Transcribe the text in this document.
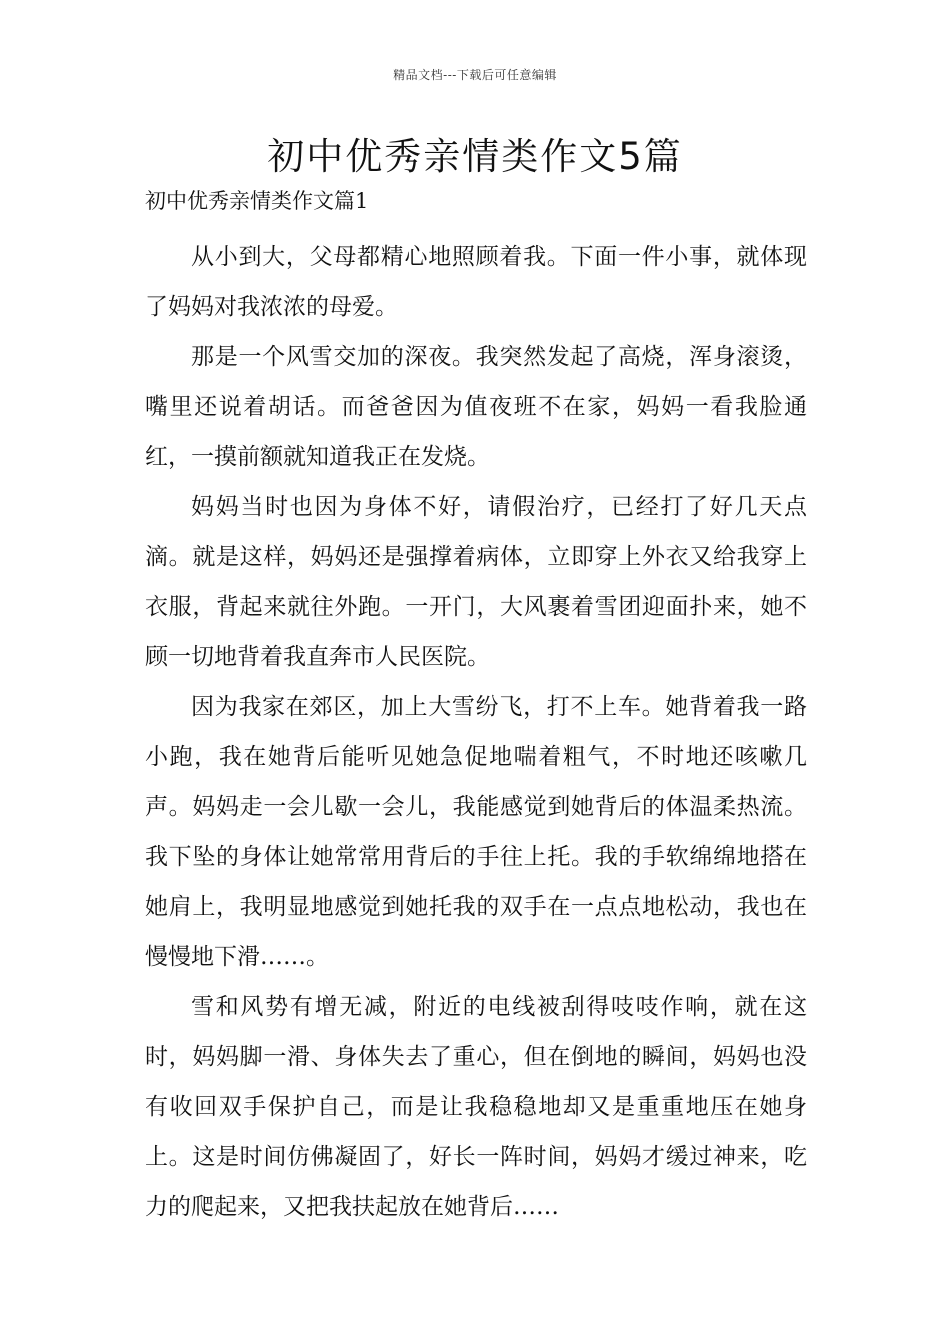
精品文档---下载后可任意编辑
初中优秀亲情类作文5篇

初中优秀亲情类作文篇1

从小到大，父母都精心地照顾着我。下面一件小事，就体现了妈妈对我浓浓的母爱。

那是一个风雪交加的深夜。我突然发起了高烧，浑身滚烫，嘴里还说着胡话。而爸爸因为值夜班不在家，妈妈一看我脸通红，一摸前额就知道我正在发烧。

妈妈当时也因为身体不好，请假治疗，已经打了好几天点滴。就是这样，妈妈还是强撑着病体，立即穿上外衣又给我穿上衣服，背起来就往外跑。一开门，大风裹着雪团迎面扑来，她不顾一切地背着我直奔市人民医院。

因为我家在郊区，加上大雪纷飞，打不上车。她背着我一路小跑，我在她背后能听见她急促地喘着粗气，不时地还咳嗽几声。妈妈走一会儿歇一会儿，我能感觉到她背后的体温柔热流。我下坠的身体让她常常用背后的手往上托。我的手软绵绵地搭在她肩上，我明显地感觉到她托我的双手在一点点地松动，我也在慢慢地下滑……。

雪和风势有增无减，附近的电线被刮得吱吱作响，就在这时，妈妈脚一滑、身体失去了重心，但在倒地的瞬间，妈妈也没有收回双手保护自己，而是让我稳稳地却又是重重地压在她身上。这是时间仿佛凝固了，好长一阵时间，妈妈才缓过神来，吃力的爬起来，又把我扶起放在她背后……
